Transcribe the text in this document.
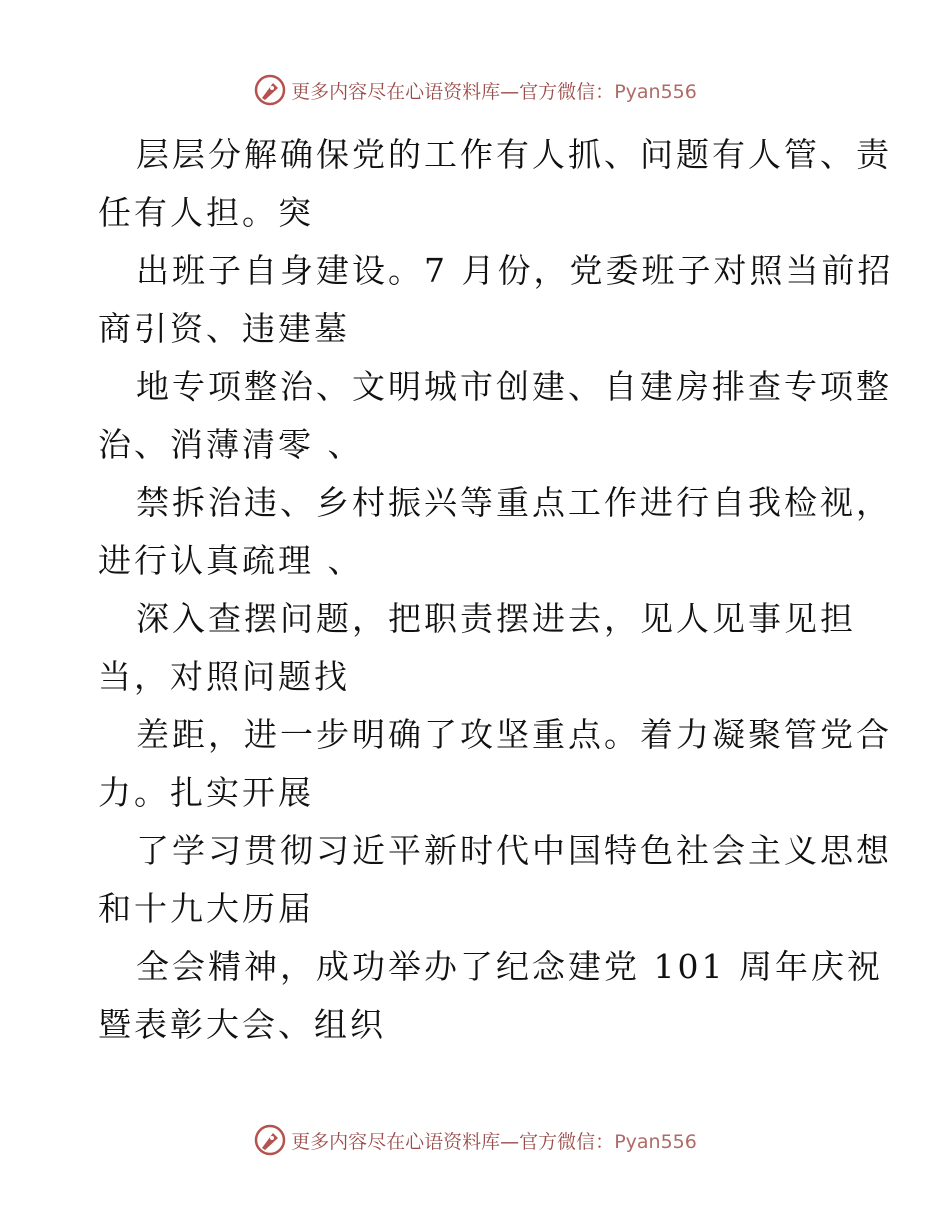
更多内容尽在心语资料库—官方微信：Pyan556
层层分解确保党的工作有人抓、问题有人管、责
任有人担。突
出班子自身建设。7 月份，党委班子对照当前招
商引资、违建墓
地专项整治、文明城市创建、自建房排查专项整
治、消薄清零 、
禁拆治违、乡村振兴等重点工作进行自我检视，
进行认真疏理 、
深入查摆问题，把职责摆进去，见人见事见担
当，对照问题找
差距，进一步明确了攻坚重点。着力凝聚管党合
力。扎实开展
了学习贯彻习近平新时代中国特色社会主义思想
和十九大历届
全会精神，成功举办了纪念建党 101 周年庆祝
暨表彰大会、组织
更多内容尽在心语资料库—官方微信：Pyan556
